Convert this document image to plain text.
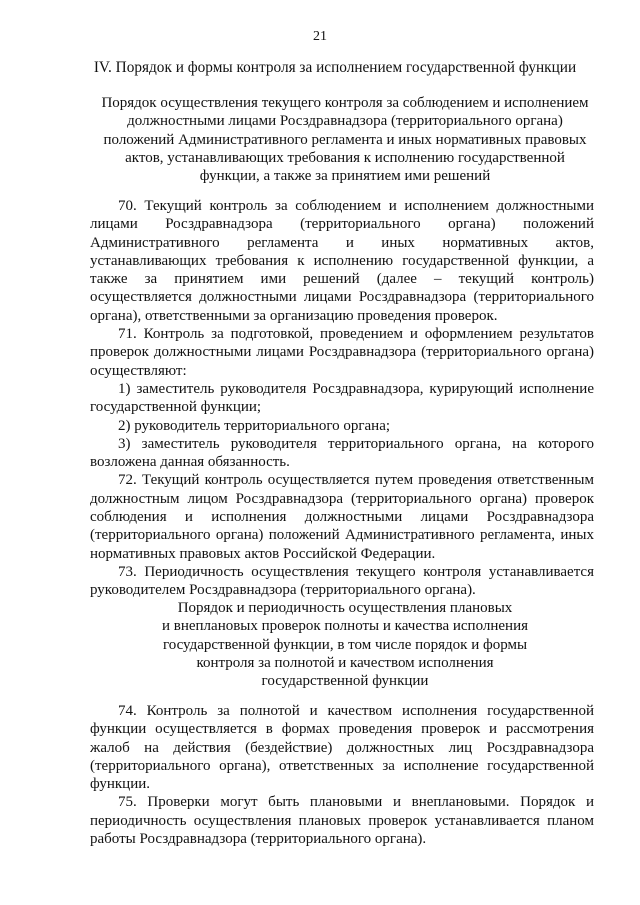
21
IV. Порядок и формы контроля за исполнением государственной функции
Порядок осуществления текущего контроля за соблюдением и исполнением
должностными лицами Росздравнадзора (территориального органа)
положений Административного регламента и иных нормативных правовых
актов, устанавливающих требования к исполнению государственной
функции, а также за принятием ими решений
70. Текущий контроль за соблюдением и исполнением должностными
лицами Росздравнадзора (территориального органа) положений
Административного регламента и иных нормативных актов,
устанавливающих требования к исполнению государственной функции, а
также за принятием ими решений (далее – текущий контроль)
осуществляется должностными лицами Росздравнадзора (территориального
органа), ответственными за организацию проведения проверок.
71. Контроль за подготовкой, проведением и оформлением результатов
проверок должностными лицами Росздравнадзора (территориального органа)
осуществляют:
1) заместитель руководителя Росздравнадзора, курирующий исполнение
государственной функции;
2) руководитель территориального органа;
3) заместитель руководителя территориального органа, на которого
возложена данная обязанность.
72. Текущий контроль осуществляется путем проведения ответственным
должностным лицом Росздравнадзора (территориального органа) проверок
соблюдения и исполнения должностными лицами Росздравнадзора
(территориального органа) положений Административного регламента, иных
нормативных правовых актов Российской Федерации.
73. Периодичность осуществления текущего контроля устанавливается
руководителем Росздравнадзора (территориального органа).
Порядок и периодичность осуществления плановых
и внеплановых проверок полноты и качества исполнения
государственной функции, в том числе порядок и формы
контроля за полнотой и качеством исполнения
государственной функции
74. Контроль за полнотой и качеством исполнения государственной
функции осуществляется в формах проведения проверок и рассмотрения
жалоб на действия (бездействие) должностных лиц Росздравнадзора
(территориального органа), ответственных за исполнение государственной
функции.
75. Проверки могут быть плановыми и внеплановыми. Порядок и
периодичность осуществления плановых проверок устанавливается планом
работы Росздравнадзора (территориального органа).
